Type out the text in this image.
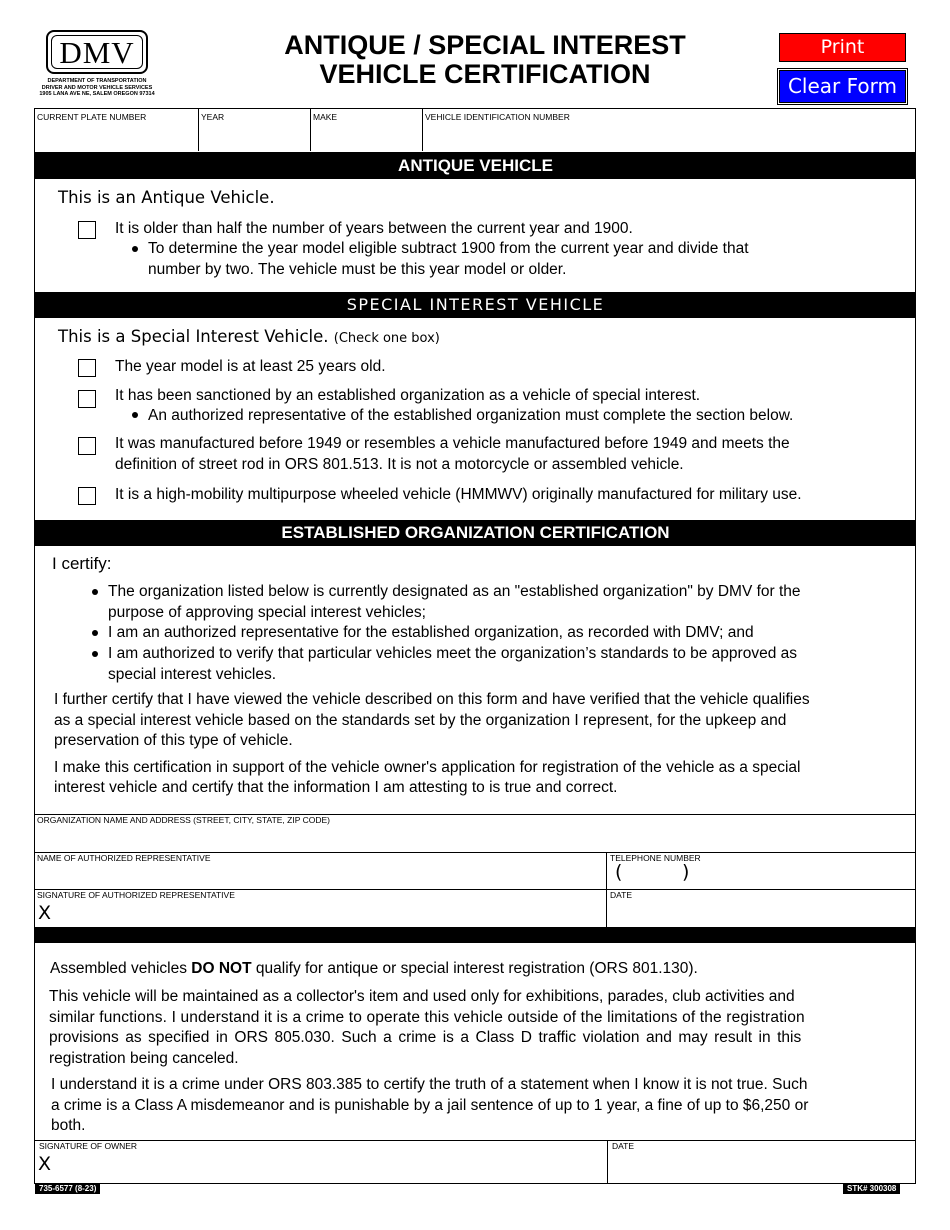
DMV
DEPARTMENT OF TRANSPORTATION
DRIVER AND MOTOR VEHICLE SERVICES
1905 LANA AVE NE, SALEM OREGON 97314
ANTIQUE / SPECIAL INTEREST
VEHICLE CERTIFICATION
Print
Clear Form
CURRENT PLATE NUMBER	YEAR	MAKE	VEHICLE IDENTIFICATION NUMBER
ANTIQUE VEHICLE
This is an Antique Vehicle.
It is older than half the number of years between the current year and 1900.
To determine the year model eligible subtract 1900 from the current year and divide that
number by two. The vehicle must be this year model or older.
SPECIAL INTEREST VEHICLE
This is a Special Interest Vehicle. (Check one box)
The year model is at least 25 years old.
It has been sanctioned by an established organization as a vehicle of special interest.
An authorized representative of the established organization must complete the section below.
It was manufactured before 1949 or resembles a vehicle manufactured before 1949 and meets the
definition of street rod in ORS 801.513. It is not a motorcycle or assembled vehicle.
It is a high-mobility multipurpose wheeled vehicle (HMMWV) originally manufactured for military use.
ESTABLISHED ORGANIZATION CERTIFICATION
I certify:
The organization listed below is currently designated as an "established organization" by DMV for the
purpose of approving special interest vehicles;
I am an authorized representative for the established organization, as recorded with DMV; and
I am authorized to verify that particular vehicles meet the organization’s standards to be approved as
special interest vehicles.
I further certify that I have viewed the vehicle described on this form and have verified that the vehicle qualifies
as a special interest vehicle based on the standards set by the organization I represent, for the upkeep and
preservation of this type of vehicle.
I make this certification in support of the vehicle owner's application for registration of the vehicle as a special
interest vehicle and certify that the information I am attesting to is true and correct.
ORGANIZATION NAME AND ADDRESS (STREET, CITY, STATE, ZIP CODE)
NAME OF AUTHORIZED REPRESENTATIVE	TELEPHONE NUMBER
(	)
SIGNATURE OF AUTHORIZED REPRESENTATIVE
X
DATE
Assembled vehicles DO NOT qualify for antique or special interest registration (ORS 801.130).
This vehicle will be maintained as a collector's item and used only for exhibitions, parades, club activities and
similar functions. I understand it is a crime to operate this vehicle outside of the limitations of the registration
provisions as specified in ORS 805.030. Such a crime is a Class D traffic violation and may result in this
registration being canceled.
I understand it is a crime under ORS 803.385 to certify the truth of a statement when I know it is not true. Such
a crime is a Class A misdemeanor and is punishable by a jail sentence of up to 1 year, a fine of up to $6,250 or
both.
SIGNATURE OF OWNER
X
DATE
735-6577 (8-23)	STK# 300308
